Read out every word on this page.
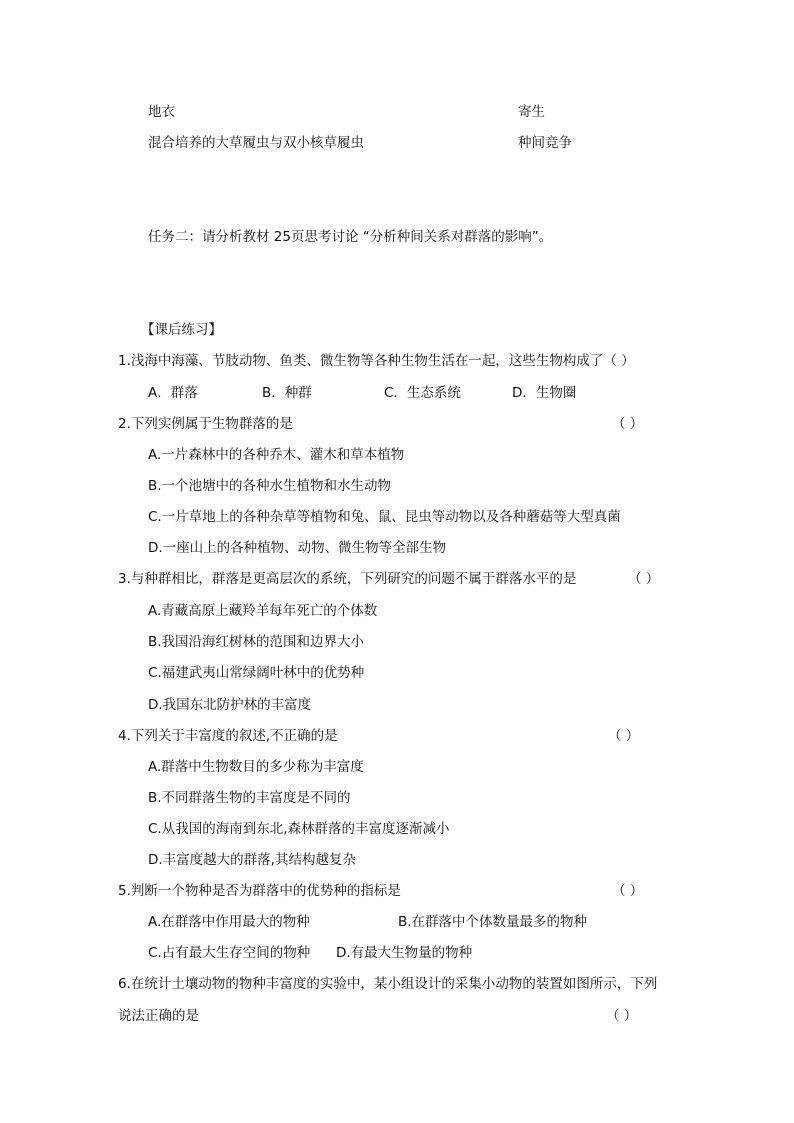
地衣	寄生
混合培养的大草履虫与双小核草履虫	种间竞争
任务二：请分析教材 25页思考讨论 “分析种间关系对群落的影响”。
【课后练习】
1.浅海中海藻、节肢动物、鱼类、微生物等各种生物生活在一起，这些生物构成了（ ）
A．群落	B．种群	C．生态系统	D．生物圈
2.下列实例属于生物群落的是	（ ）
A.一片森林中的各种乔木、灌木和草本植物
B.一个池塘中的各种水生植物和水生动物
C.一片草地上的各种杂草等植物和兔、鼠、昆虫等动物以及各种蘑菇等大型真菌
D.一座山上的各种植物、动物、微生物等全部生物
3.与种群相比，群落是更高层次的系统，下列研究的问题不属于群落水平的是	（ ）
A.青藏高原上藏羚羊每年死亡的个体数
B.我国沿海红树林的范围和边界大小
C.福建武夷山常绿阔叶林中的优势种
D.我国东北防护林的丰富度
4.下列关于丰富度的叙述,不正确的是	（ ）
A.群落中生物数目的多少称为丰富度
B.不同群落生物的丰富度是不同的
C.从我国的海南到东北,森林群落的丰富度逐渐减小
D.丰富度越大的群落,其结构越复杂
5.判断一个物种是否为群落中的优势种的指标是	（ ）
A.在群落中作用最大的物种	B.在群落中个体数量最多的物种
C.占有最大生存空间的物种 D.有最大生物量的物种
6.在统计土壤动物的物种丰富度的实验中，某小组设计的采集小动物的装置如图所示，下列
说法正确的是	（ ）
